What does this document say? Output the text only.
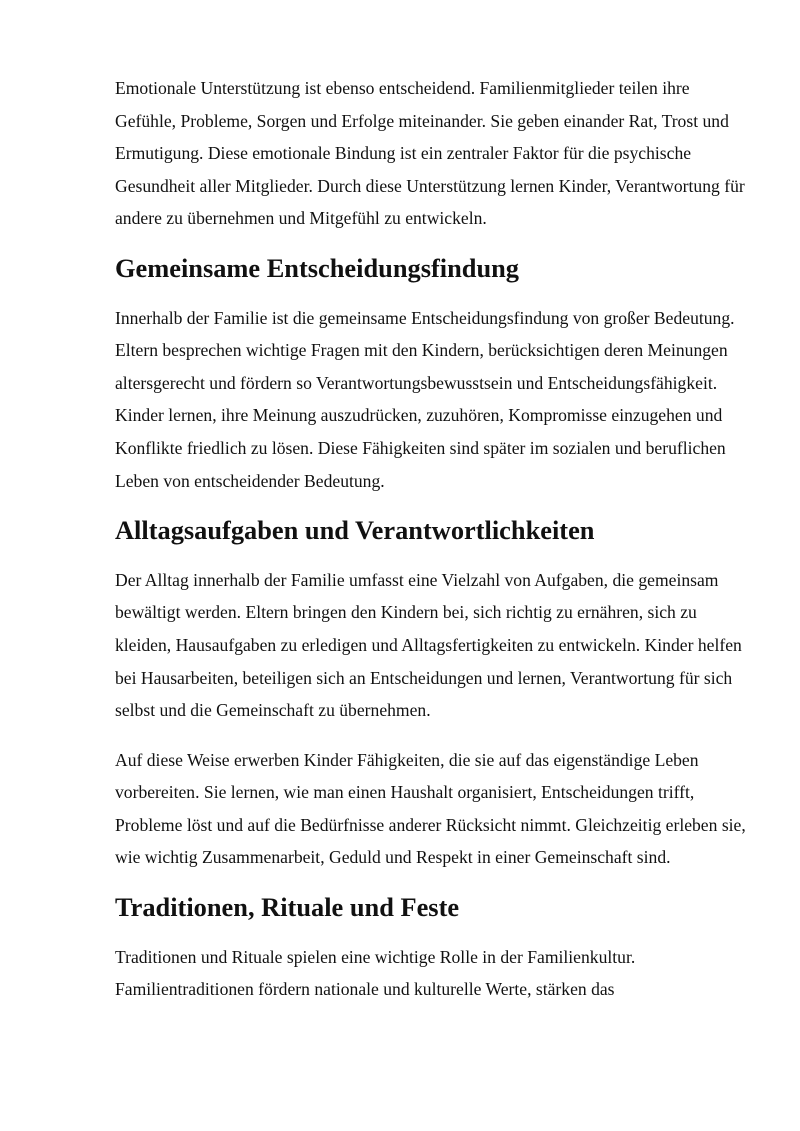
Emotionale Unterstützung ist ebenso entscheidend. Familienmitglieder teilen ihre Gefühle, Probleme, Sorgen und Erfolge miteinander. Sie geben einander Rat, Trost und Ermutigung. Diese emotionale Bindung ist ein zentraler Faktor für die psychische Gesundheit aller Mitglieder. Durch diese Unterstützung lernen Kinder, Verantwortung für andere zu übernehmen und Mitgefühl zu entwickeln.

Gemeinsame Entscheidungsfindung

Innerhalb der Familie ist die gemeinsame Entscheidungsfindung von großer Bedeutung. Eltern besprechen wichtige Fragen mit den Kindern, berücksichtigen deren Meinungen altersgerecht und fördern so Verantwortungsbewusstsein und Entscheidungsfähigkeit. Kinder lernen, ihre Meinung auszudrücken, zuzuhören, Kompromisse einzugehen und Konflikte friedlich zu lösen. Diese Fähigkeiten sind später im sozialen und beruflichen Leben von entscheidender Bedeutung.

Alltagsaufgaben und Verantwortlichkeiten

Der Alltag innerhalb der Familie umfasst eine Vielzahl von Aufgaben, die gemeinsam bewältigt werden. Eltern bringen den Kindern bei, sich richtig zu ernähren, sich zu kleiden, Hausaufgaben zu erledigen und Alltagsfertigkeiten zu entwickeln. Kinder helfen bei Hausarbeiten, beteiligen sich an Entscheidungen und lernen, Verantwortung für sich selbst und die Gemeinschaft zu übernehmen.

Auf diese Weise erwerben Kinder Fähigkeiten, die sie auf das eigenständige Leben vorbereiten. Sie lernen, wie man einen Haushalt organisiert, Entscheidungen trifft, Probleme löst und auf die Bedürfnisse anderer Rücksicht nimmt. Gleichzeitig erleben sie, wie wichtig Zusammenarbeit, Geduld und Respekt in einer Gemeinschaft sind.

Traditionen, Rituale und Feste

Traditionen und Rituale spielen eine wichtige Rolle in der Familienkultur. Familientraditionen fördern nationale und kulturelle Werte, stärken das
